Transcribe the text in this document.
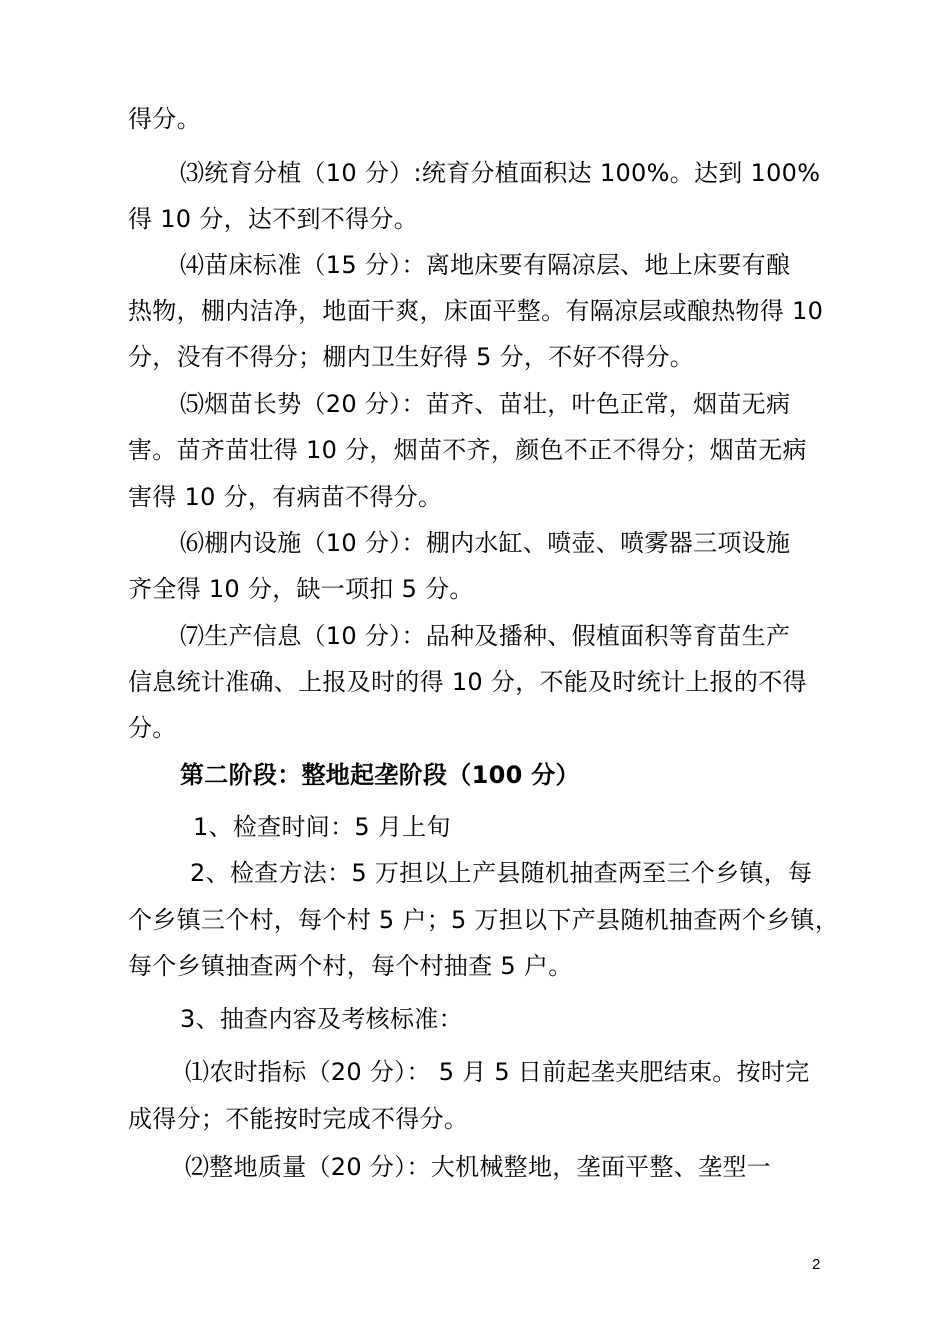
得分。
⑶统育分植（10 分）:统育分植面积达 100%。达到 100%
得 10 分，达不到不得分。
⑷苗床标准（15 分）：离地床要有隔凉层、地上床要有酿
热物，棚内洁净，地面干爽，床面平整。有隔凉层或酿热物得 10
分，没有不得分；棚内卫生好得 5 分，不好不得分。
⑸烟苗长势（20 分）：苗齐、苗壮，叶色正常，烟苗无病
害。苗齐苗壮得 10 分，烟苗不齐，颜色不正不得分；烟苗无病
害得 10 分，有病苗不得分。
⑹棚内设施（10 分）：棚内水缸、喷壶、喷雾器三项设施
齐全得 10 分，缺一项扣 5 分。
⑺生产信息（10 分）：品种及播种、假植面积等育苗生产
信息统计准确、上报及时的得 10 分，不能及时统计上报的不得
分。
第二阶段：整地起垄阶段（100 分）
1、检查时间：5 月上旬
2、检查方法：5 万担以上产县随机抽查两至三个乡镇，每
个乡镇三个村，每个村 5 户；5 万担以下产县随机抽查两个乡镇，
每个乡镇抽查两个村，每个村抽查 5 户。
3、抽查内容及考核标准：
⑴农时指标（20 分）： 5 月 5 日前起垄夹肥结束。按时完
成得分；不能按时完成不得分。
⑵整地质量（20 分）：大机械整地，垄面平整、垄型一
2
